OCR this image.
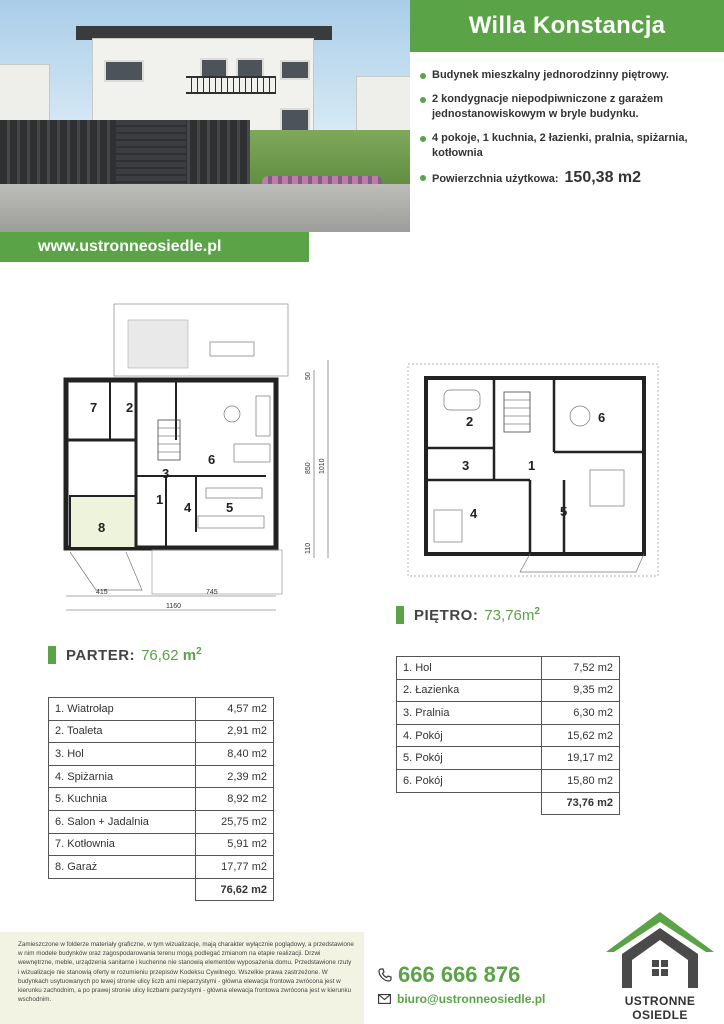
Willa Konstancja
Budynek mieszkalny jednorodzinny piętrowy.
2 kondygnacje niepodpiwniczone z garażem jednostanowiskowym w bryle budynku.
4 pokoje, 1 kuchnia, 2 łazienki, pralnia, spiżarnia, kotłownia
Powierzchnia użytkowa: 150,38 m2
www.ustronneosiedle.pl
50
850 1010
110
415	745
1160
1
2
3
4	5
6
7
8
1
2
3
4	5
6
PARTER: 76,62 $m^2$
PIĘTRO: $73,76m^2$
1. Wiatrołap	4,57 m2
2. Toaleta	2,91 m2
3. Hol	8,40 m2
4. Spiżarnia	2,39 m2
5. Kuchnia	8,92 m2
6. Salon + Jadalnia	25,75 m2
7. Kotłownia	5,91 m2
8. Garaż	17,77 m2
	76,62 m2
1. Hol	7,52 m2
2. Łazienka	9,35 m2
3. Pralnia	6,30 m2
4. Pokój	15,62 m2
5. Pokój	19,17 m2
6. Pokój	15,80 m2
	73,76 m2
Zamieszczone w folderze materiały graficzne, w tym wizualizacje, mają charakter wyłącznie poglądowy, a przedstawione w nim modele budynków oraz zagospodarowania terenu mogą podlegać zmianom na etapie realizacji. Drzwi wewnętrzne, meble, urządzenia sanitarne i kuchenne nie stanowią elementów wyposażenia domu. Przedstawione rzuty i wizualizacje nie stanowią oferty w rozumieniu przepisów Kodeksu Cywilnego. Wszelkie prawa zastrzeżone. W budynkach usytuowanych po lewej stronie ulicy liczb ami nieparzystymi - główna elewacja frontowa zwrócona jest w kierunku zachodnim, a po prawej stronie ulicy liczbami parzystymi - główna elewacja frontowa zwrócona jest w kierunku wschodnim.
666 666 876
biuro@ustronneosiedle.pl	USTRONNE OSIEDLE
